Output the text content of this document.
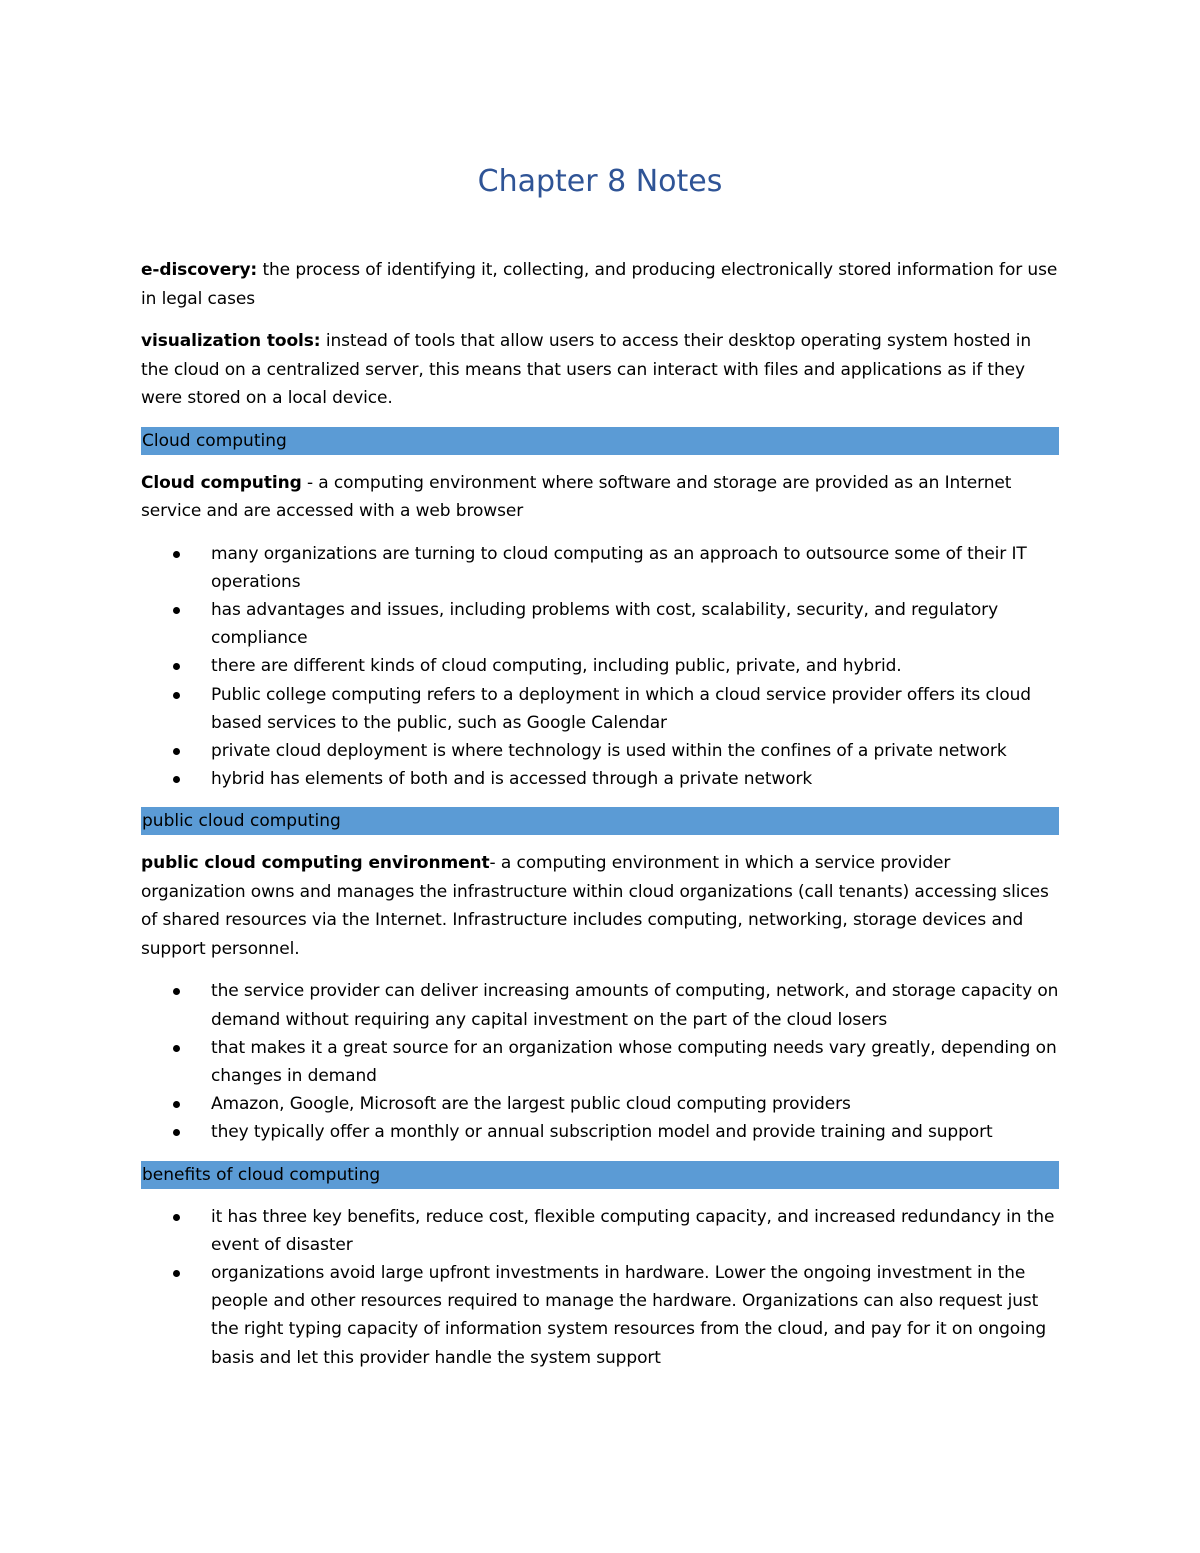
Chapter 8 Notes

e-discovery: the process of identifying it, collecting, and producing electronically stored information for use in legal cases

visualization tools: instead of tools that allow users to access their desktop operating system hosted in the cloud on a centralized server, this means that users can interact with files and applications as if they were stored on a local device.

Cloud computing

Cloud computing - a computing environment where software and storage are provided as an Internet service and are accessed with a web browser

many organizations are turning to cloud computing as an approach to outsource some of their IT operations
has advantages and issues, including problems with cost, scalability, security, and regulatory compliance
there are different kinds of cloud computing, including public, private, and hybrid.
Public college computing refers to a deployment in which a cloud service provider offers its cloud based services to the public, such as Google Calendar
private cloud deployment is where technology is used within the confines of a private network
hybrid has elements of both and is accessed through a private network
public cloud computing

public cloud computing environment- a computing environment in which a service provider organization owns and manages the infrastructure within cloud organizations (call tenants) accessing slices of shared resources via the Internet. Infrastructure includes computing, networking, storage devices and support personnel.

the service provider can deliver increasing amounts of computing, network, and storage capacity on demand without requiring any capital investment on the part of the cloud losers
that makes it a great source for an organization whose computing needs vary greatly, depending on changes in demand
Amazon, Google, Microsoft are the largest public cloud computing providers
they typically offer a monthly or annual subscription model and provide training and support
benefits of cloud computing
it has three key benefits, reduce cost, flexible computing capacity, and increased redundancy in the event of disaster
organizations avoid large upfront investments in hardware. Lower the ongoing investment in the people and other resources required to manage the hardware. Organizations can also request just the right typing capacity of information system resources from the cloud, and pay for it on ongoing basis and let this provider handle the system support
